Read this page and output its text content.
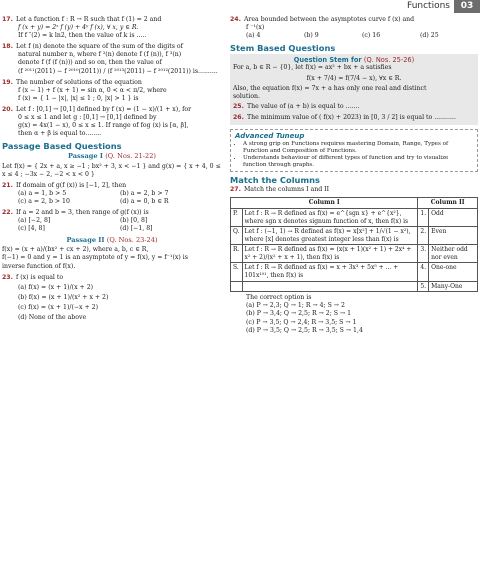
Functions	03
17. Let a function f : R → R such that f (1) = 2 and
f (x + y) = 2ˣ f (y) + 4ʸ f (x), ∀ x, y ∈ R.
If f ″(2) = k ln2, then the value of k is .....
18. Let f (n) denote the square of the sum of the digits of
natural number n, where f ²(n) denote f (f (n)), f ³(n)
denote f (f (f (n))) and so on, then the value of
(f ²⁰¹¹(2011) − f ²⁰¹⁰(2011)) / (f ²⁰¹³(2011) − f ²⁰¹²(2011)) is..........
19. The number of solutions of the equation
f (x − 1) + f (x + 1) = sin α, 0 < α < π/2, where
f (x) = { 1 − |x|, |x| ≤ 1 ; 0, |x| > 1 } is
20. Let f : [0,1] → [0,1] defined by f (x) = (1 − x)/(1 + x), for
0 ≤ x ≤ 1 and let g : [0,1] → [0,1] defined by
g(x) = 4x(1 − x), 0 ≤ x ≤ 1. If range of fog (x) is [α, β],
then α + β is equal to........
Passage Based Questions
Passage I (Q. Nos. 21-22)
Let f(x) = { 2x + a, x ≥ −1 ; bx² + 3, x < −1 } and g(x) = { x + 4, 0 ≤ x ≤ 4 ; −3x − 2, −2 < x < 0 }
21. If domain of g(f (x)) is [−1, 2], then
(a) a = 1, b > 5	(b) a = 2, b > 7
(c) a = 2, b > 10	(d) a = 0, b ∈ R
22. If a = 2 and b = 3, then range of g(f (x)) is
(a) [−2, 8]	(b) [0, 8]
(c) [4, 8]	(d) [−1, 8]
Passage II (Q. Nos. 23-24)
f(x) = (x + a)/(bx² + cx + 2), where a, b, c ∈ R,
f(−1) = 0 and y = 1 is an asymptote of y = f(x), y = f⁻¹(x) is
inverse function of f(x).
23. f (x) is equal to
(a) f(x) = (x + 1)/(x + 2)
(b) f(x) = (x + 1)/(x² + x + 2)
(c) f(x) = (x + 1)/(−x + 2)
(d) None of the above
24. Area bounded between the asymptotes curve f (x) and
f ⁻¹(x)
(a) 4	(b) 9	(c) 16	(d) 25
Stem Based Questions
Question Stem for (Q. Nos. 25-26)
For a, b ∈ R − {0}, let f(x) = ax² + bx + a satisfies
f(x + 7/4) = f(7/4 − x), ∀x ∈ R.
Also, the equation f(x) = 7x + a has only one real and distinct
solution.
25. The value of (a + b) is equal to .......
26. The minimum value of ( f(x) + 2023) in [0, 3 / 2] is equal to ...........
Advanced Tuneup
• A strong grip on Functions requires mastering Domain, Range, Types of Function and Composition of Functions.
• Understands behaviour of different types of function and try to visualize function through graphs.
Match the Columns
27. Match the columns I and II
Column I		Column II	
P.	Let f : R → R defined as f(x) = e^{sgn x} + e^{x²}, where sgn x denotes signum function of x, then f(x) is	1.	Odd
Q.	Let f : (−1, 1) → R defined as f(x) = x[x²] + 1/√(1 − x²), where [x] denotes greatest integer less than f(x) is	2.	Even
R.	Let f : R → R defined as f(x) = (x(x + 1)(x² + 1) + 2x⁴ + x² + 2)/(x² + x + 1), then f(x) is	3.	Neither odd nor even
S.	Let f : R → R defined as f(x) = x + 3x³ + 5x⁵ + ... + 101x¹⁰¹, then f(x) is	4.	One-one
		5.	Many-One
The correct option is
(a) P → 2,3; Q → 1; R → 4; S → 2
(b) P → 3,4; Q → 2,5; R → 2; S → 1
(c) P → 3,5; Q → 2,4; R → 3,5; S → 1
(d) P → 3,5; Q → 2,5; R → 3,5; S → 1,4
